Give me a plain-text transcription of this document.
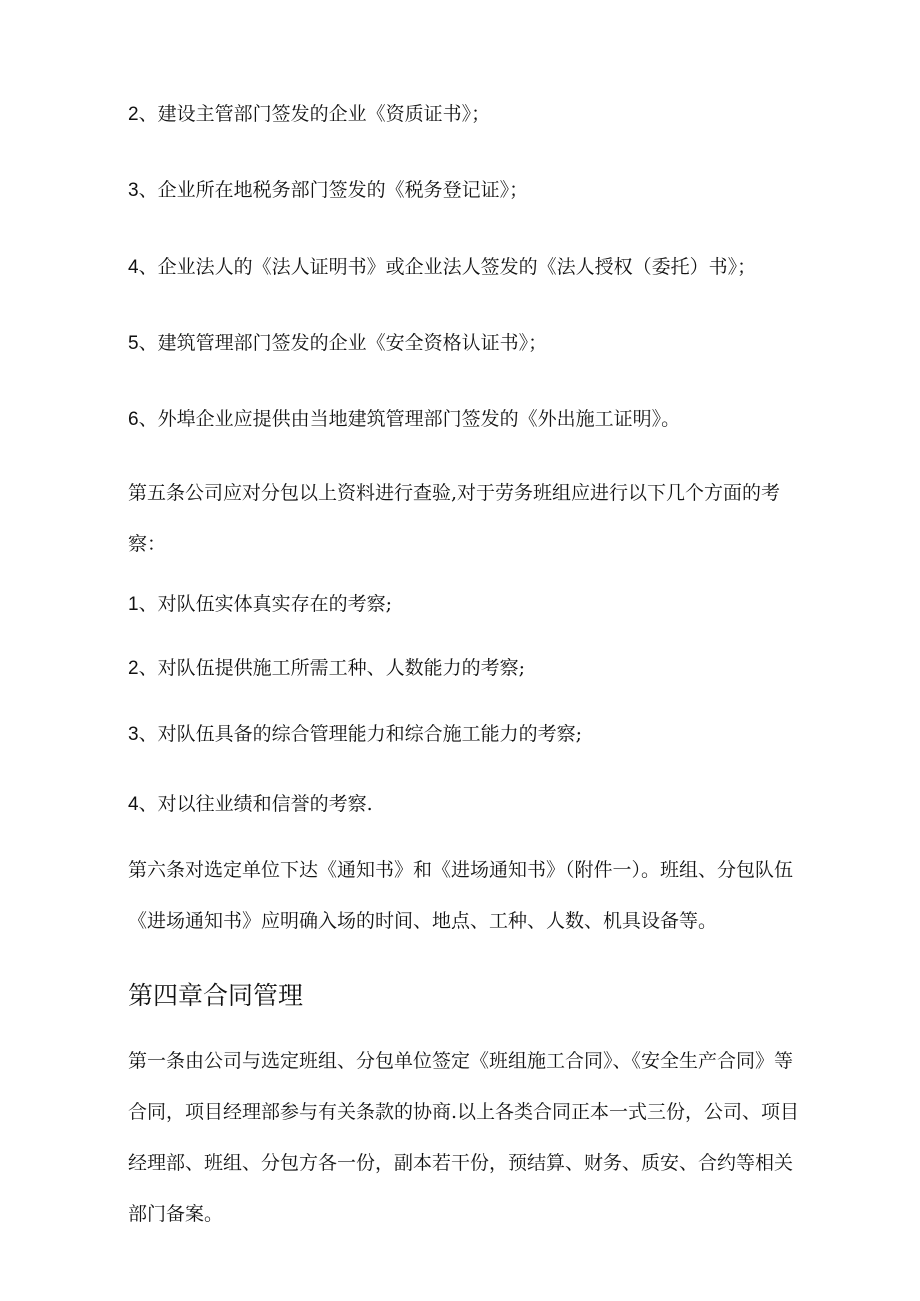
2、建设主管部门签发的企业《资质证书》；
3、企业所在地税务部门签发的《税务登记证》；
4、企业法人的《法人证明书》或企业法人签发的《法人授权（委托）书》；
5、建筑管理部门签发的企业《安全资格认证书》；
6、外埠企业应提供由当地建筑管理部门签发的《外出施工证明》。
第五条公司应对分包以上资料进行查验,对于劳务班组应进行以下几个方面的考察：
1、对队伍实体真实存在的考察;
2、对队伍提供施工所需工种、人数能力的考察;
3、对队伍具备的综合管理能力和综合施工能力的考察;
4、对以往业绩和信誉的考察.
第六条对选定单位下达《通知书》和《进场通知书》（附件一）。班组、分包队伍《进场通知书》应明确入场的时间、地点、工种、人数、机具设备等。
第四章合同管理
第一条由公司与选定班组、分包单位签定《班组施工合同》、《安全生产合同》等合同，项目经理部参与有关条款的协商.以上各类合同正本一式三份，公司、项目经理部、班组、分包方各一份，副本若干份，预结算、财务、质安、合约等相关部门备案。
